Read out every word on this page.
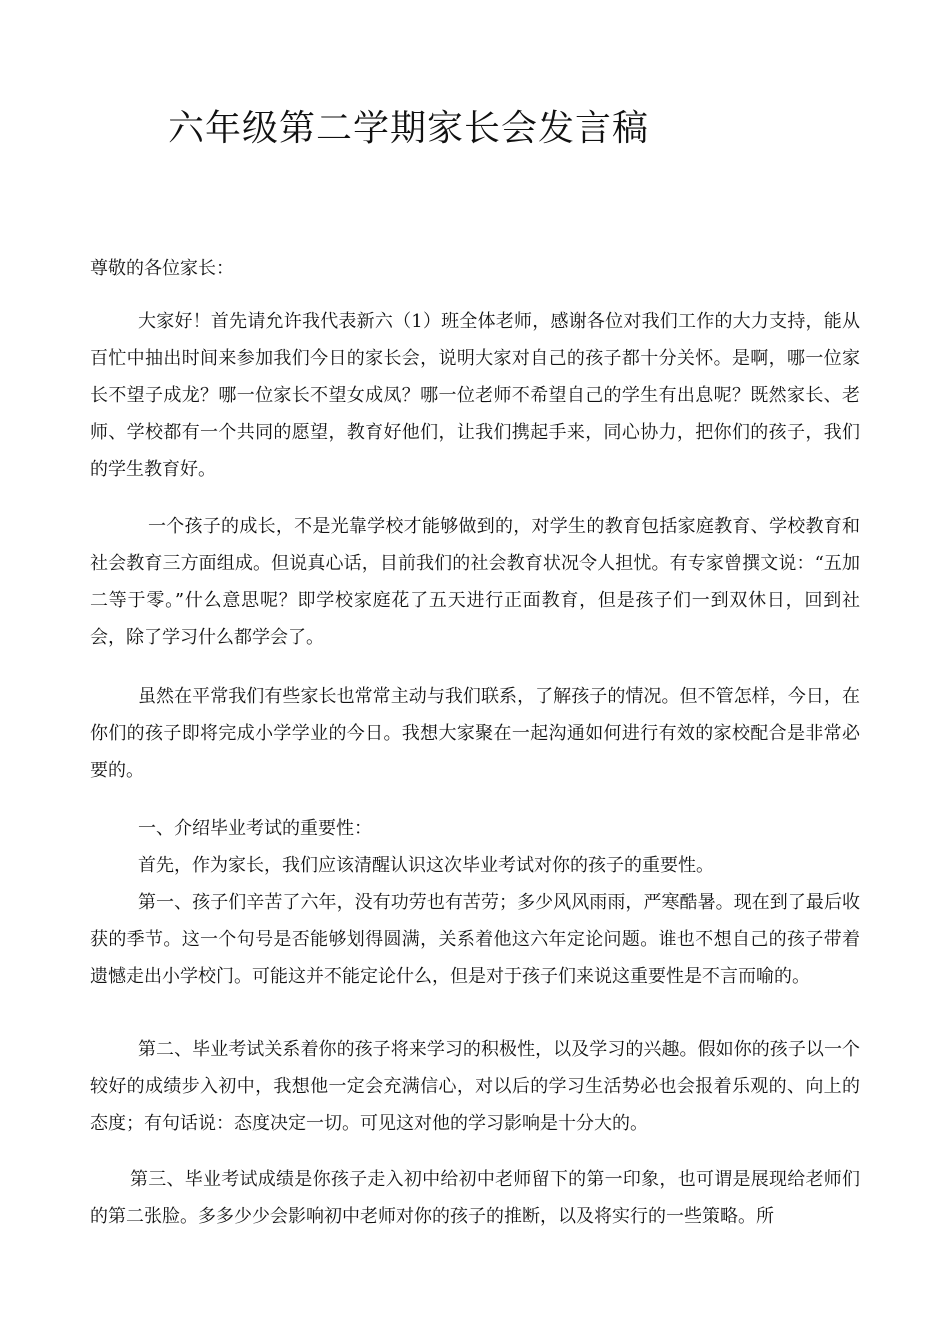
六年级第二学期家长会发言稿

尊敬的各位家长：

大家好！首先请允许我代表新六（1）班全体老师，感谢各位对我们工作的大力支持，能从百忙中抽出时间来参加我们今日的家长会，说明大家对自己的孩子都十分关怀。是啊，哪一位家长不望子成龙？哪一位家长不望女成凤？哪一位老师不希望自己的学生有出息呢？既然家长、老师、学校都有一个共同的愿望，教育好他们，让我们携起手来，同心协力，把你们的孩子，我们的学生教育好。

一个孩子的成长，不是光靠学校才能够做到的，对学生的教育包括家庭教育、学校教育和社会教育三方面组成。但说真心话，目前我们的社会教育状况令人担忧。有专家曾撰文说：“五加二等于零。”什么意思呢？即学校家庭花了五天进行正面教育，但是孩子们一到双休日，回到社会，除了学习什么都学会了。

虽然在平常我们有些家长也常常主动与我们联系，了解孩子的情况。但不管怎样，今日，在你们的孩子即将完成小学学业的今日。我想大家聚在一起沟通如何进行有效的家校配合是非常必要的。

一、介绍毕业考试的重要性：

首先，作为家长，我们应该清醒认识这次毕业考试对你的孩子的重要性。

第一、孩子们辛苦了六年，没有功劳也有苦劳；多少风风雨雨，严寒酷暑。现在到了最后收获的季节。这一个句号是否能够划得圆满，关系着他这六年定论问题。谁也不想自己的孩子带着遗憾走出小学校门。可能这并不能定论什么，但是对于孩子们来说这重要性是不言而喻的。

第二、毕业考试关系着你的孩子将来学习的积极性，以及学习的兴趣。假如你的孩子以一个较好的成绩步入初中，我想他一定会充满信心，对以后的学习生活势必也会报着乐观的、向上的态度；有句话说：态度决定一切。可见这对他的学习影响是十分大的。

第三、毕业考试成绩是你孩子走入初中给初中老师留下的第一印象，也可谓是展现给老师们的第二张脸。多多少少会影响初中老师对你的孩子的推断，以及将实行的一些策略。所
